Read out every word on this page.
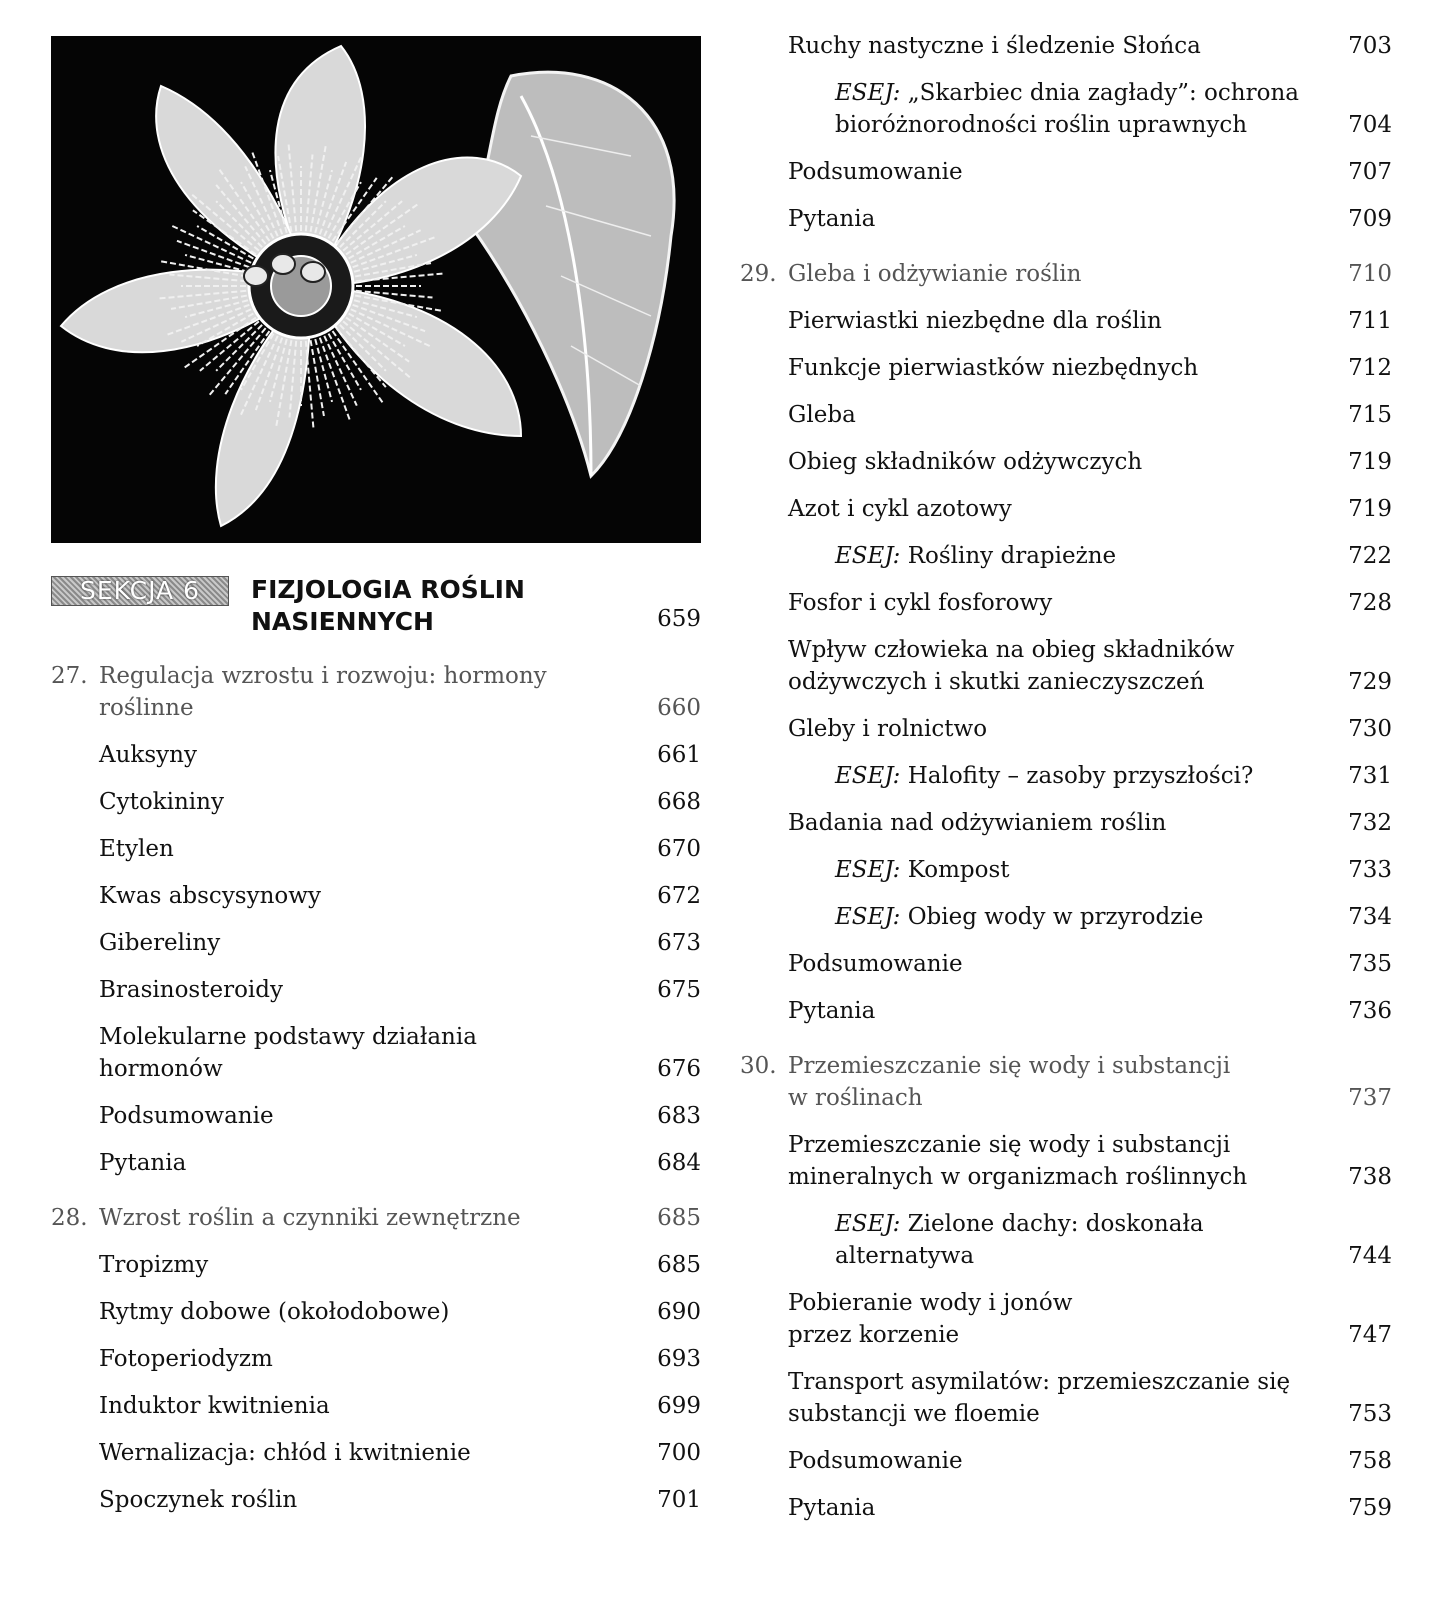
SEKCJA 6	FIZJOLOGIA ROŚLIN NASIENNYCH	659
27. Regulacja wzrostu i rozwoju: hormony
roślinne	660
Auksyny	661
Cytokininy	668
Etylen	670
Kwas abscysynowy	672
Gibereliny	673
Brasinosteroidy	675
Molekularne podstawy działania
hormonów	676
Podsumowanie	683
Pytania	684
28. Wzrost roślin a czynniki zewnętrzne	685
Tropizmy	685
Rytmy dobowe (okołodobowe)	690
Fotoperiodyzm	693
Induktor kwitnienia	699
Wernalizacja: chłód i kwitnienie	700
Spoczynek roślin	701
Ruchy nastyczne i śledzenie Słońca	703
ESEJ: „Skarbiec dnia zagłady”: ochrona
bioróżnorodności roślin uprawnych	704
Podsumowanie	707
Pytania	709
29. Gleba i odżywianie roślin	710
Pierwiastki niezbędne dla roślin	711
Funkcje pierwiastków niezbędnych	712
Gleba	715
Obieg składników odżywczych	719
Azot i cykl azotowy	719
ESEJ: Rośliny drapieżne	722
Fosfor i cykl fosforowy	728
Wpływ człowieka na obieg składników
odżywczych i skutki zanieczyszczeń	729
Gleby i rolnictwo	730
ESEJ: Halofity – zasoby przyszłości?	731
Badania nad odżywianiem roślin	732
ESEJ: Kompost	733
ESEJ: Obieg wody w przyrodzie	734
Podsumowanie	735
Pytania	736
30. Przemieszczanie się wody i substancji
w roślinach	737
Przemieszczanie się wody i substancji
mineralnych w organizmach roślinnych	738
ESEJ: Zielone dachy: doskonała alternatywa	744
Pobieranie wody i jonów
przez korzenie	747
Transport asymilatów: przemieszczanie się
substancji we floemie	753
Podsumowanie	758
Pytania	759
